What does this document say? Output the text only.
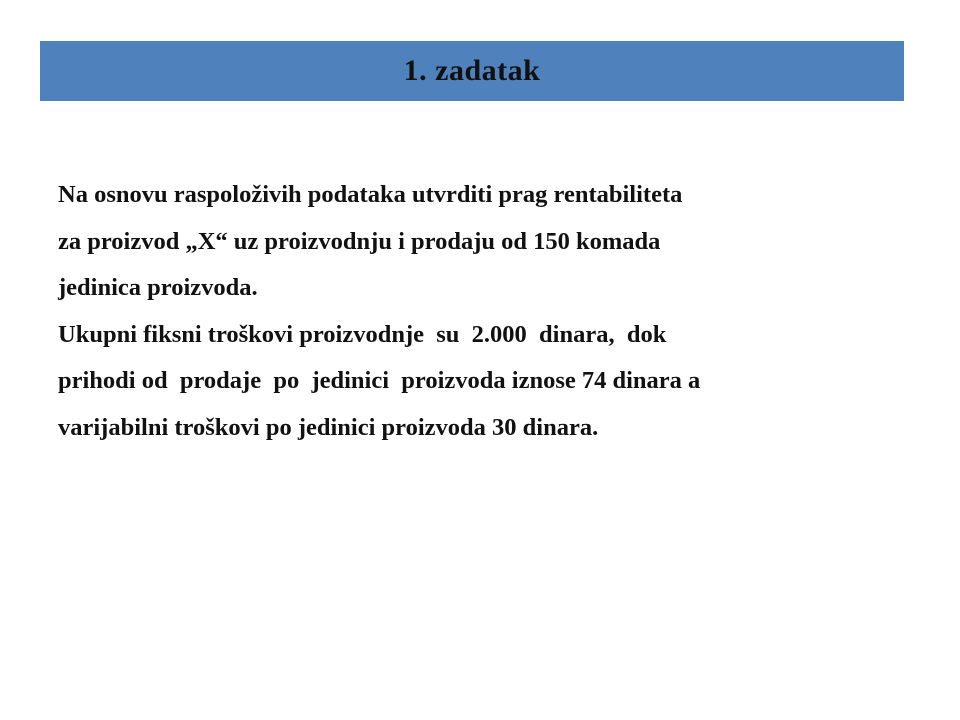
1. zadatak
Na osnovu raspoloživih podataka utvrditi prag rentabiliteta
za proizvod „X“ uz proizvodnju i prodaju od 150 komada
jedinica proizvoda.
Ukupni fiksni troškovi proizvodnje  su  2.000  dinara,  dok
prihodi od  prodaje  po  jedinici  proizvoda iznose 74 dinara a
varijabilni troškovi po jedinici proizvoda 30 dinara.
